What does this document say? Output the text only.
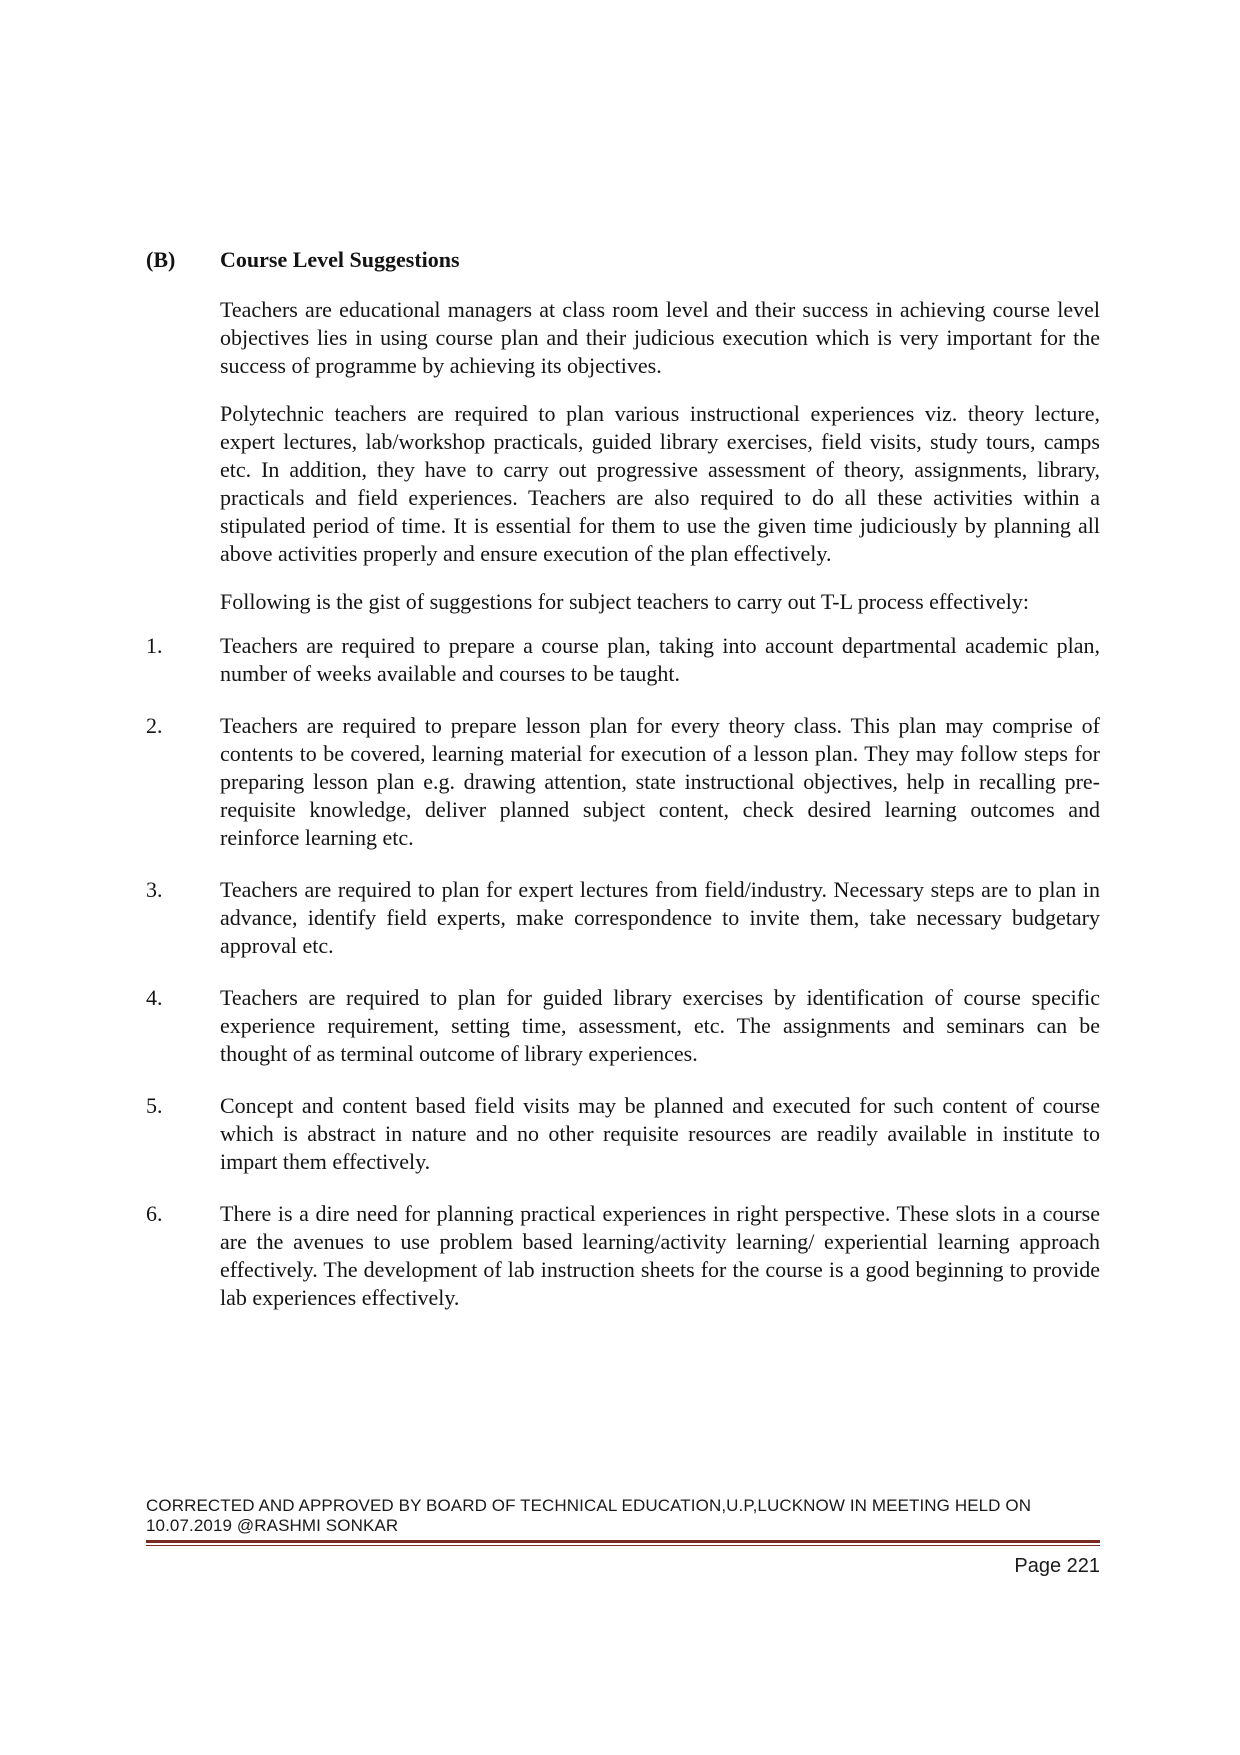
(B)	Course Level Suggestions

Teachers are educational managers at class room level and their success in achieving course level objectives lies in using course plan and their judicious execution which is very important for the success of programme by achieving its objectives.

Polytechnic teachers are required to plan various instructional experiences viz. theory lecture, expert lectures, lab/workshop practicals, guided library exercises, field visits, study tours, camps etc. In addition, they have to carry out progressive assessment of theory, assignments, library, practicals and field experiences. Teachers are also required to do all these activities within a stipulated period of time. It is essential for them to use the given time judiciously by planning all above activities properly and ensure execution of the plan effectively.

Following is the gist of suggestions for subject teachers to carry out T-L process effectively:

1.	Teachers are required to prepare a course plan, taking into account departmental academic plan, number of weeks available and courses to be taught.
2.	Teachers are required to prepare lesson plan for every theory class. This plan may comprise of contents to be covered, learning material for execution of a lesson plan. They may follow steps for preparing lesson plan e.g. drawing attention, state instructional objectives, help in recalling pre-requisite knowledge, deliver planned subject content, check desired learning outcomes and reinforce learning etc.
3.	Teachers are required to plan for expert lectures from field/industry. Necessary steps are to plan in advance, identify field experts, make correspondence to invite them, take necessary budgetary approval etc.
4.	Teachers are required to plan for guided library exercises by identification of course specific experience requirement, setting time, assessment, etc. The assignments and seminars can be thought of as terminal outcome of library experiences.
5.	Concept and content based field visits may be planned and executed for such content of course which is abstract in nature and no other requisite resources are readily available in institute to impart them effectively.
6.	There is a dire need for planning practical experiences in right perspective. These slots in a course are the avenues to use problem based learning/activity learning/ experiential learning approach effectively. The development of lab instruction sheets for the course is a good beginning to provide lab experiences effectively.
CORRECTED AND APPROVED BY BOARD OF TECHNICAL EDUCATION,U.P,LUCKNOW IN MEETING HELD ON
10.07.2019 @RASHMI SONKAR
Page 221
